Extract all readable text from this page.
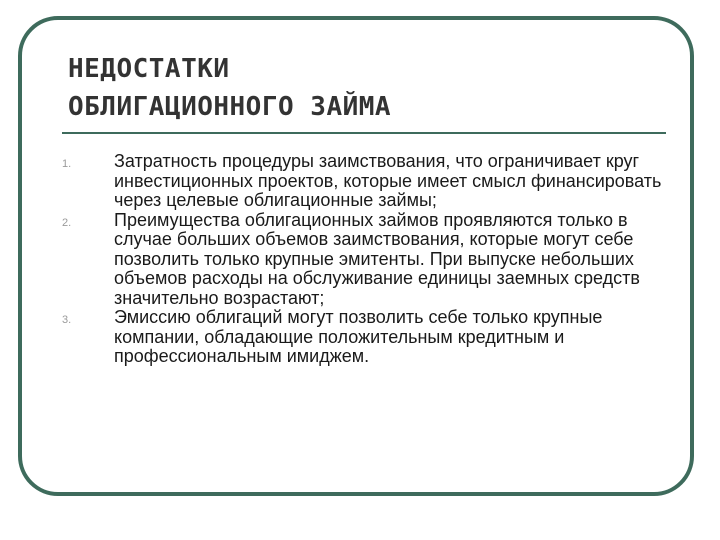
НЕДОСТАТКИ
ОБЛИГАЦИОННОГО ЗАЙМА
1.	Затратность процедуры заимствования, что ограничивает круг инвестиционных проектов, которые имеет смысл финансировать через целевые облигационные займы;
2.	Преимущества облигационных займов проявляются только в случае больших объемов заимствования, которые могут себе позволить только крупные эмитенты. При выпуске небольших объемов расходы на обслуживание единицы заемных средств значительно возрастают;
3.	Эмиссию облигаций могут позволить себе только крупные компании, обладающие положительным кредитным и профессиональным имиджем.
